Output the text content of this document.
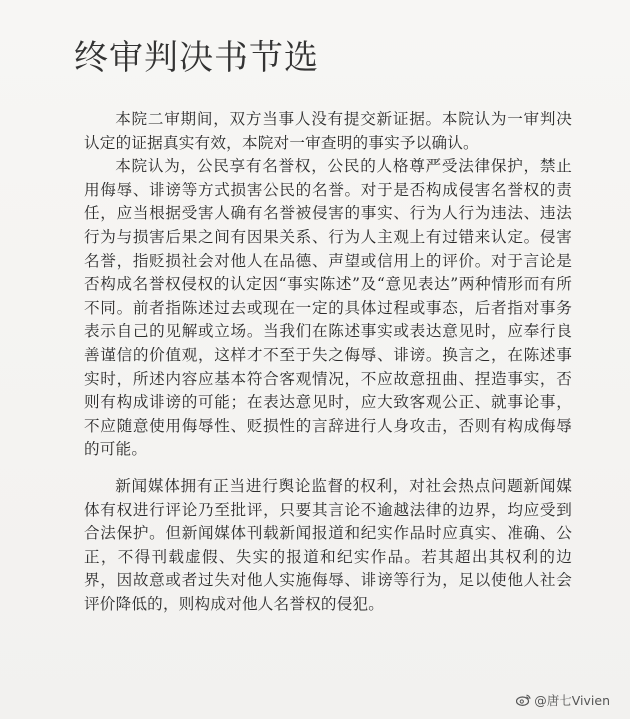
终审判决书节选

本院二审期间，双方当事人没有提交新证据。本院认为一审判决认定的证据真实有效，本院对一审查明的事实予以确认。

本院认为，公民享有名誉权，公民的人格尊严受法律保护，禁止用侮辱、诽谤等方式损害公民的名誉。对于是否构成侵害名誉权的责任，应当根据受害人确有名誉被侵害的事实、行为人行为违法、违法行为与损害后果之间有因果关系、行为人主观上有过错来认定。侵害名誉，指贬损社会对他人在品德、声望或信用上的评价。对于言论是否构成名誉权侵权的认定因“事实陈述”及“意见表达”两种情形而有所不同。前者指陈述过去或现在一定的具体过程或事态，后者指对事务表示自己的见解或立场。当我们在陈述事实或表达意见时，应奉行良善谨信的价值观，这样才不至于失之侮辱、诽谤。换言之，在陈述事实时，所述内容应基本符合客观情况，不应故意扭曲、捏造事实，否则有构成诽谤的可能；在表达意见时，应大致客观公正、就事论事，不应随意使用侮辱性、贬损性的言辞进行人身攻击，否则有构成侮辱的可能。

新闻媒体拥有正当进行舆论监督的权利，对社会热点问题新闻媒体有权进行评论乃至批评，只要其言论不逾越法律的边界，均应受到合法保护。但新闻媒体刊载新闻报道和纪实作品时应真实、准确、公正，不得刊载虚假、失实的报道和纪实作品。若其超出其权利的边界，因故意或者过失对他人实施侮辱、诽谤等行为，足以使他人社会评价降低的，则构成对他人名誉权的侵犯。

@唐七Vivien
